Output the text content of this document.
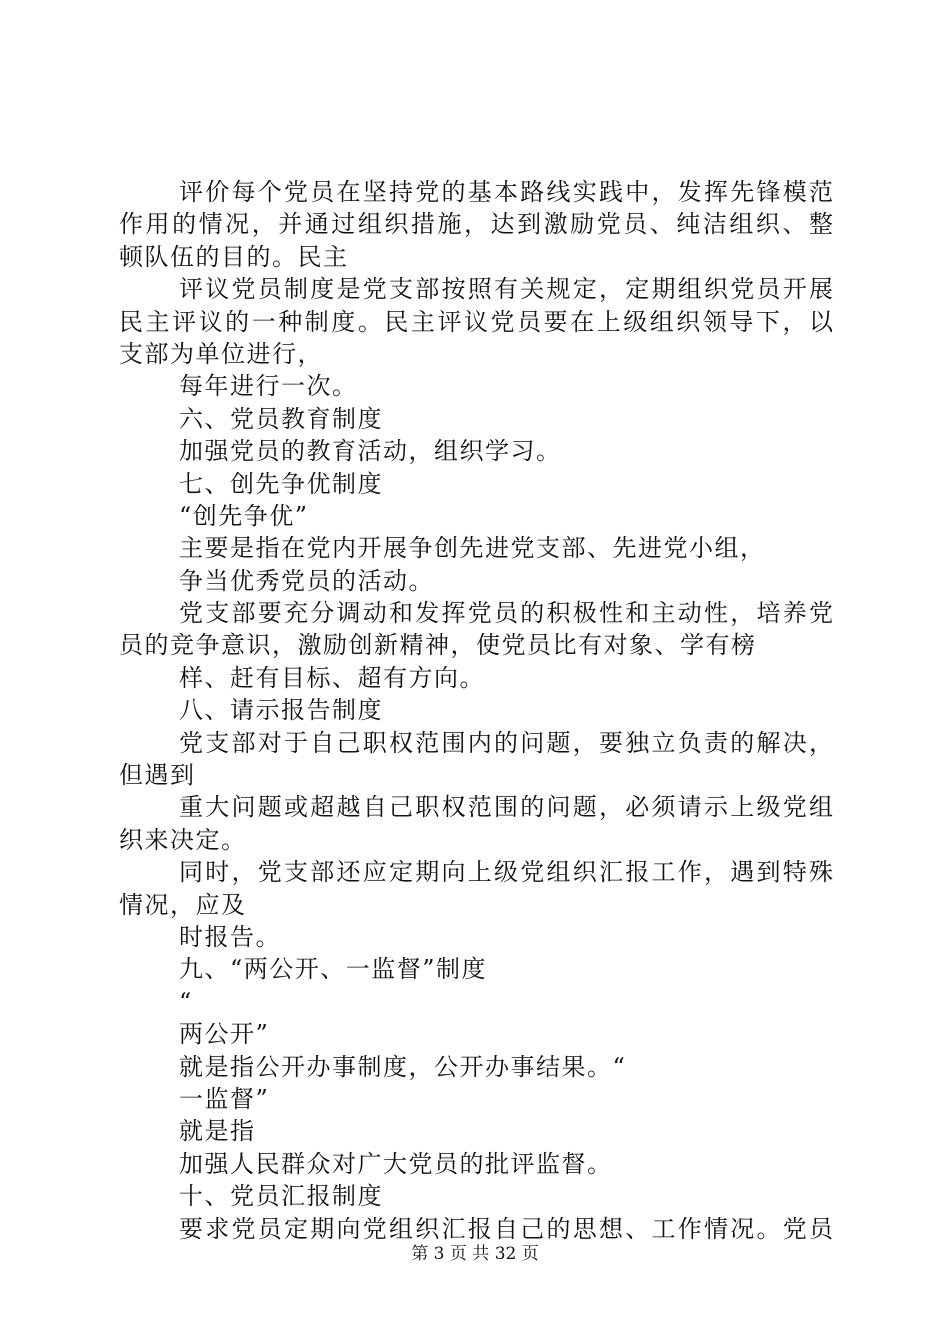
评价每个党员在坚持党的基本路线实践中，发挥先锋模范
作用的情况，并通过组织措施，达到激励党员、纯洁组织、整
顿队伍的目的。民主
评议党员制度是党支部按照有关规定，定期组织党员开展
民主评议的一种制度。民主评议党员要在上级组织领导下，以
支部为单位进行，
每年进行一次。
六、党员教育制度
加强党员的教育活动，组织学习。
七、创先争优制度
“创先争优”
主要是指在党内开展争创先进党支部、先进党小组，
争当优秀党员的活动。
党支部要充分调动和发挥党员的积极性和主动性，培养党
员的竞争意识，激励创新精神，使党员比有对象、学有榜
样、赶有目标、超有方向。
八、请示报告制度
党支部对于自己职权范围内的问题，要独立负责的解决，
但遇到
重大问题或超越自己职权范围的问题，必须请示上级党组
织来决定。
同时，党支部还应定期向上级党组织汇报工作，遇到特殊
情况，应及
时报告。
九、“两公开、一监督”制度
“
两公开”
就是指公开办事制度，公开办事结果。“
一监督”
就是指
加强人民群众对广大党员的批评监督。
十、党员汇报制度
要求党员定期向党组织汇报自己的思想、工作情况。党员
第 3 页 共 32 页
